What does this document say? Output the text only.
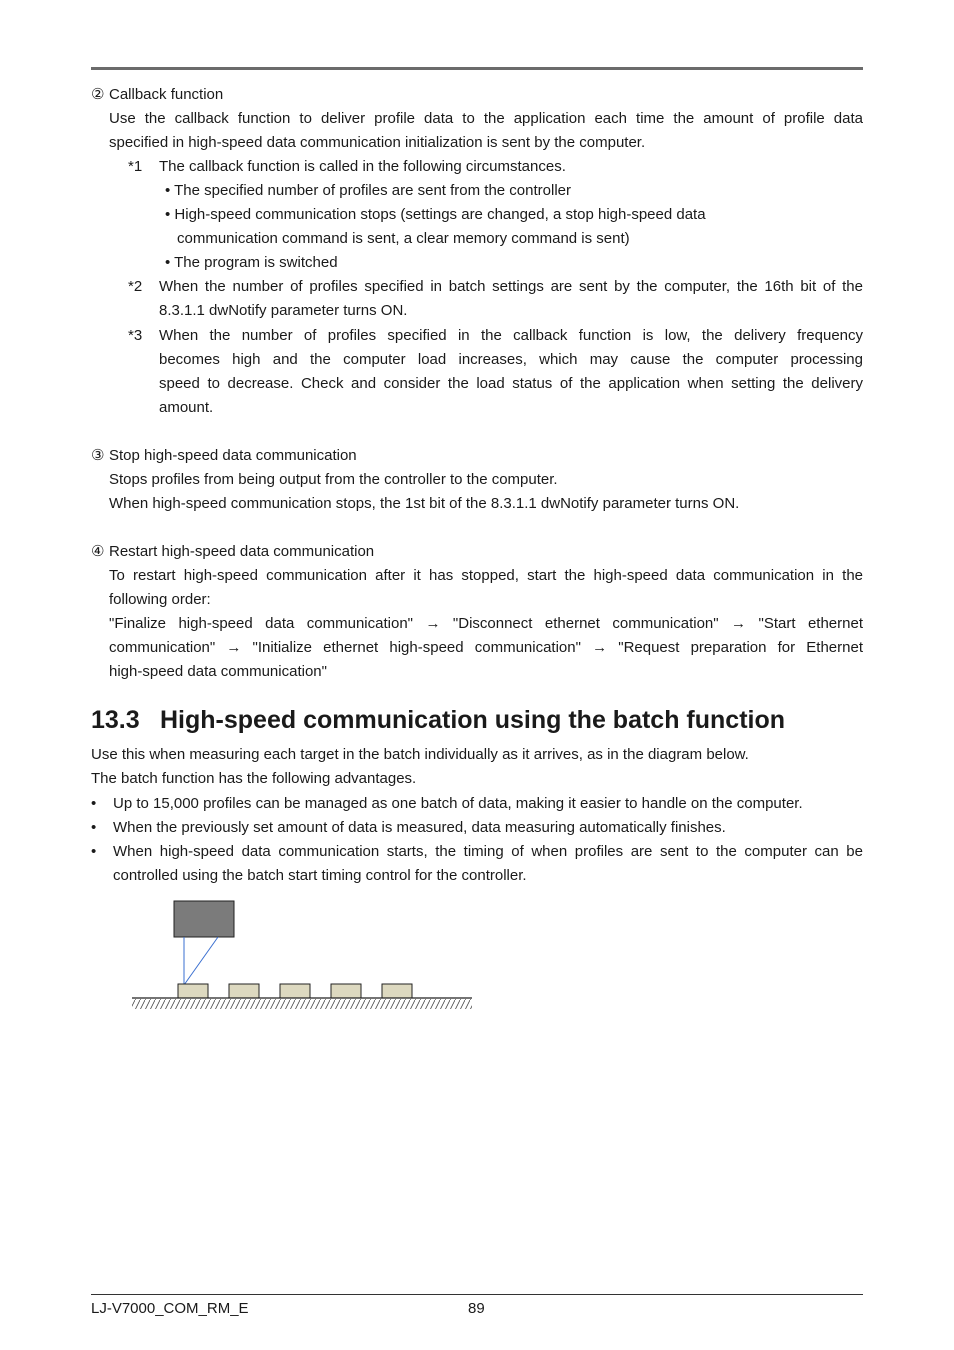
② Callback function
Use the callback function to deliver profile data to the application each time the amount of profile data
specified in high-speed data communication initialization is sent by the computer.
*1 The callback function is called in the following circumstances.
• The specified number of profiles are sent from the controller
• High-speed communication stops (settings are changed, a stop high-speed data
communication command is sent, a clear memory command is sent)
• The program is switched
*2 When the number of profiles specified in batch settings are sent by the computer, the 16th bit of the
8.3.1.1 dwNotify parameter turns ON.
*3 When the number of profiles specified in the callback function is low, the delivery frequency
becomes high and the computer load increases, which may cause the computer processing
speed to decrease. Check and consider the load status of the application when setting the delivery
amount.
③ Stop high-speed data communication
Stops profiles from being output from the controller to the computer.
When high-speed communication stops, the 1st bit of the 8.3.1.1 dwNotify parameter turns ON.
④ Restart high-speed data communication
To restart high-speed communication after it has stopped, start the high-speed data communication in the
following order:
"Finalize high-speed data communication" → "Disconnect ethernet communication" → "Start ethernet
communication" → "Initialize ethernet high-speed communication" → "Request preparation for Ethernet
high-speed data communication"
13.3 High-speed communication using the batch function
Use this when measuring each target in the batch individually as it arrives, as in the diagram below.
The batch function has the following advantages.
• Up to 15,000 profiles can be managed as one batch of data, making it easier to handle on the computer.
• When the previously set amount of data is measured, data measuring automatically finishes.
• When high-speed data communication starts, the timing of when profiles are sent to the computer can be
controlled using the batch start timing control for the controller.
LJ-V7000_COM_RM_E	89
